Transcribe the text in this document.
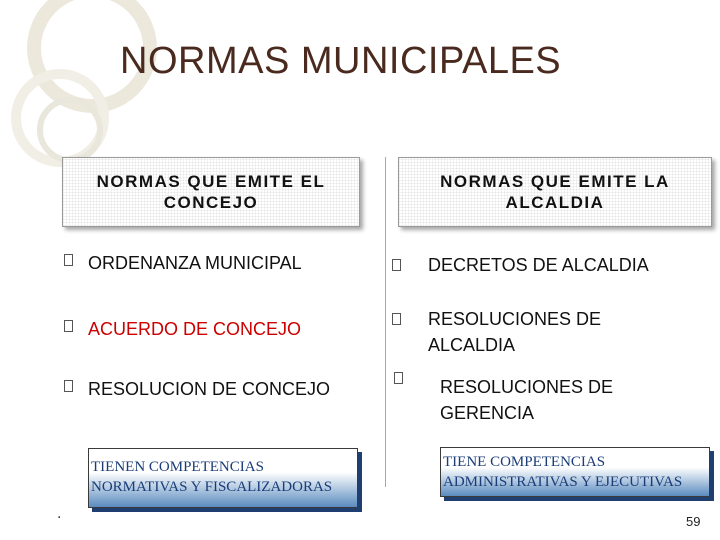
NORMAS MUNICIPALES
NORMAS QUE EMITE EL CONCEJO
NORMAS QUE EMITE LA ALCALDIA
ORDENANZA MUNICIPAL
ACUERDO DE CONCEJO
RESOLUCION DE CONCEJO
DECRETOS DE ALCALDIA
RESOLUCIONES DE
ALCALDIA
RESOLUCIONES DE
GERENCIA
TIENEN COMPETENCIAS
NORMATIVAS Y FISCALIZADORAS
TIENE COMPETENCIAS
ADMINISTRATIVAS Y EJECUTIVAS
.	59
